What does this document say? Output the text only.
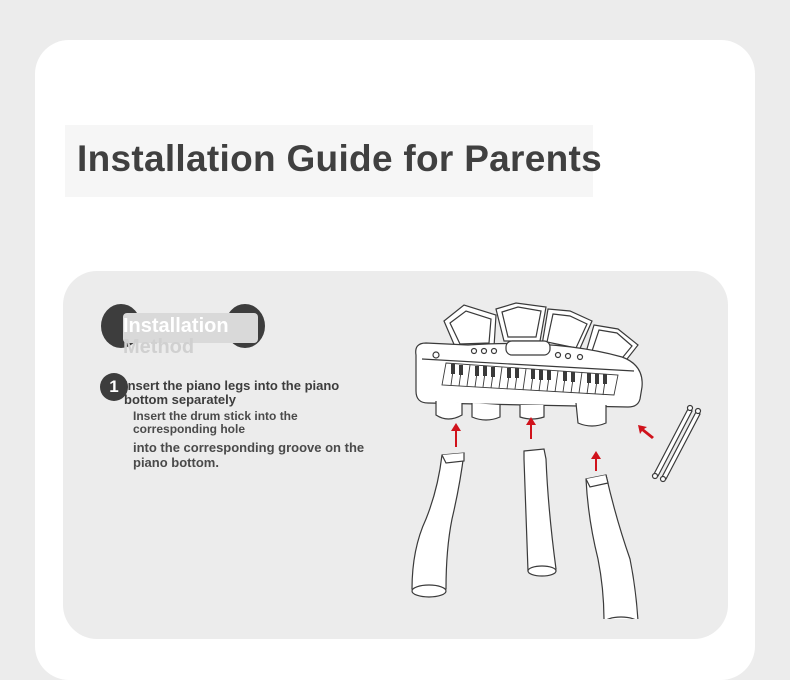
Installation Guide for Parents
Installation
Method
1 Insert the piano legs into the piano bottom separately
Insert the drum stick into the corresponding hole
into the corresponding groove on the piano bottom.
